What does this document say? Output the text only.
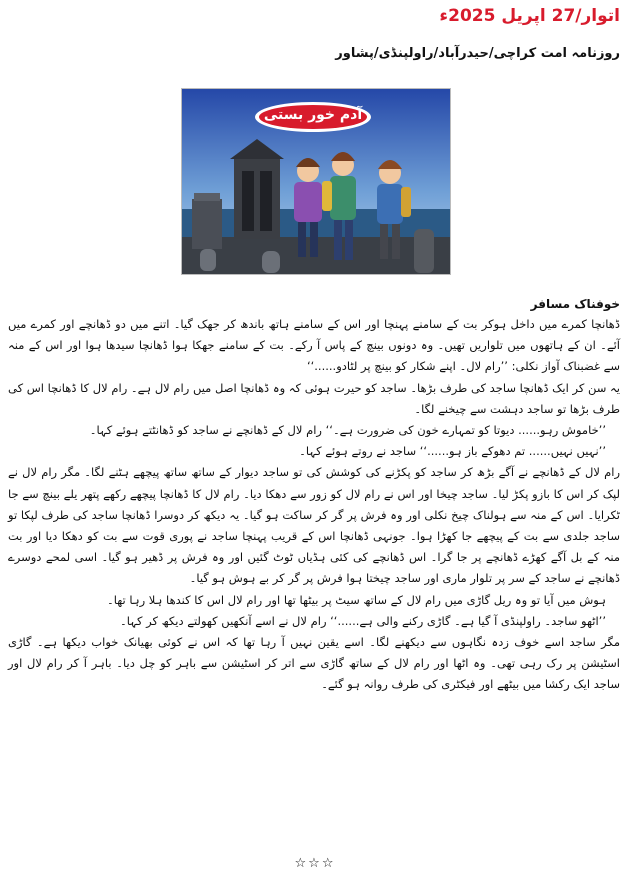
اتوار/27 اپریل 2025ء
روزنامہ امت کراچی/حیدرآباد/راولپنڈی/پشاور
آدم خور بستی
خوفناک مسافر

ڈھانچا کمرے میں داخل ہوکر بت کے سامنے پہنچا اور اس کے سامنے ہاتھ باندھ کر جھک گیا۔ اتنے میں دو ڈھانچے اور کمرے میں آئے۔ ان کے ہاتھوں میں تلواریں تھیں۔ وہ دونوں بینچ کے پاس آ رکے۔ بت کے سامنے جھکا ہوا ڈھانچا سیدھا ہوا اور اس کے منہ سے غضبناک آواز نکلی: ’’رام لال۔ اپنے شکار کو بینچ پر لٹادو......‘‘

یہ سن کر ایک ڈھانچا ساجد کی طرف بڑھا۔ ساجد کو حیرت ہوئی کہ وہ ڈھانچا اصل میں رام لال ہے۔ رام لال کا ڈھانچا اس کی طرف بڑھا تو ساجد دہشت سے چیخنے لگا۔

’’خاموش رہو...... دیوتا کو تمہارے خون کی ضرورت ہے۔‘‘ رام لال کے ڈھانچے نے ساجد کو ڈھانٹتے ہوئے کہا۔

’’نہیں نہیں...... تم دھوکے باز ہو......‘‘ ساجد نے روتے ہوئے کہا۔

رام لال کے ڈھانچے نے آگے بڑھ کر ساجد کو پکڑنے کی کوشش کی تو ساجد دیوار کے ساتھ ساتھ پیچھے ہٹنے لگا۔ مگر رام لال نے لپک کر اس کا بازو پکڑ لیا۔ ساجد چیخا اور اس نے رام لال کو زور سے دھکا دیا۔ رام لال کا ڈھانچا پیچھے رکھے پتھر یلے بینچ سے جا ٹکرایا۔ اس کے منہ سے ہولناک چیخ نکلی اور وہ فرش پر گر کر ساکت ہو گیا۔ یہ دیکھ کر دوسرا ڈھانچا ساجد کی طرف لپکا تو ساجد جلدی سے بت کے پیچھے جا کھڑا ہوا۔ جونہی ڈھانچا اس کے قریب پہنچا ساجد نے پوری قوت سے بت کو دھکا دیا اور بت منہ کے بل آگے کھڑے ڈھانچے پر جا گرا۔ اس ڈھانچے کی کئی ہڈیاں ٹوٹ گئیں اور وہ فرش پر ڈھیر ہو گیا۔ اسی لمحے دوسرے ڈھانچے نے ساجد کے سر پر تلوار ماری اور ساجد چیختا ہوا فرش پر گر کر بے ہوش ہو گیا۔

ہوش میں آیا تو وہ ریل گاڑی میں رام لال کے ساتھ سیٹ پر بیٹھا تھا اور رام لال اس کا کندھا ہلا رہا تھا۔

’’اٹھو ساجد۔ راولپنڈی آ گیا ہے۔ گاڑی رکنے والی ہے......‘‘ رام لال نے اسے آنکھیں کھولتے دیکھ کر کہا۔

مگر ساجد اسے خوف زدہ نگاہوں سے دیکھنے لگا۔ اسے یقین نہیں آ رہا تھا کہ اس نے کوئی بھیانک خواب دیکھا ہے۔ گاڑی اسٹیشن پر رک رہی تھی۔ وہ اٹھا اور رام لال کے ساتھ گاڑی سے اتر کر اسٹیشن سے باہر کو چل دیا۔ باہر آ کر رام لال اور ساجد ایک رکشا میں بیٹھے اور فیکٹری کی طرف روانہ ہو گئے۔

☆☆☆
